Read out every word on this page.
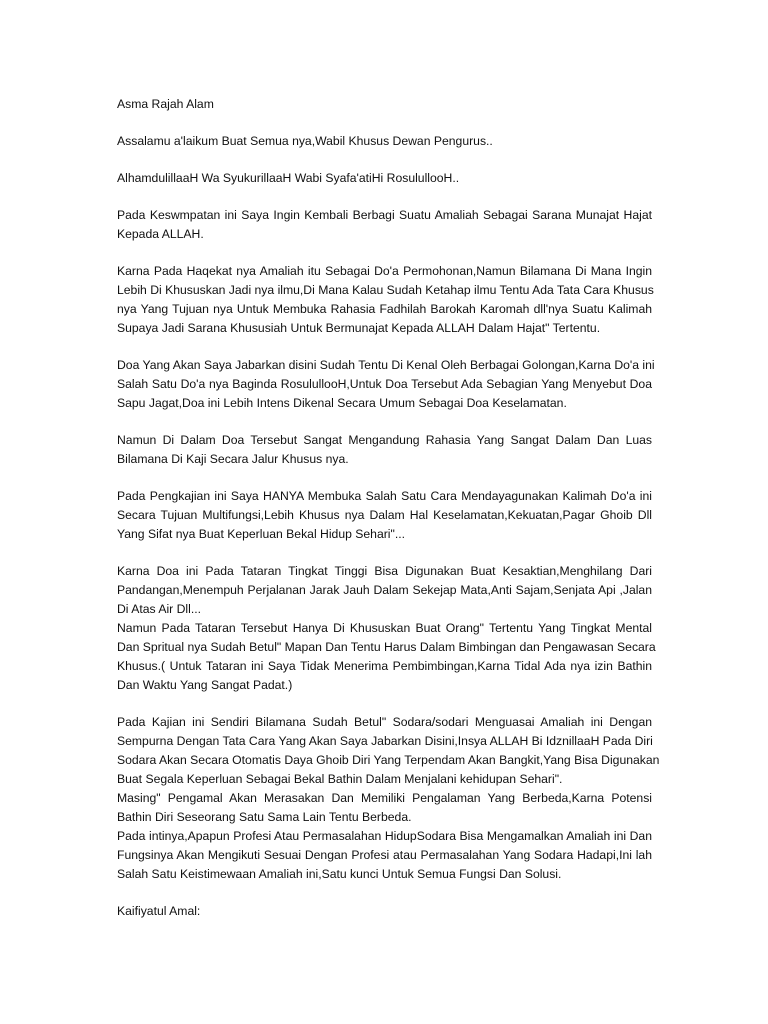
Asma Rajah Alam
Assalamu a'laikum Buat Semua nya,Wabil Khusus Dewan Pengurus..
AlhamdulillaaH Wa SyukurillaaH Wabi Syafa'atiHi RosulullooH..
Pada Keswmpatan ini Saya Ingin Kembali Berbagi Suatu Amaliah Sebagai Sarana Munajat Hajat
Kepada ALLAH.
Karna Pada Haqekat nya Amaliah itu Sebagai Do'a Permohonan,Namun Bilamana Di Mana Ingin
Lebih Di Khususkan Jadi nya ilmu,Di Mana Kalau Sudah Ketahap ilmu Tentu Ada Tata Cara Khusus
nya Yang Tujuan nya Untuk Membuka Rahasia Fadhilah Barokah Karomah dll'nya Suatu Kalimah
Supaya Jadi Sarana Khususiah Untuk Bermunajat Kepada ALLAH Dalam Hajat" Tertentu.
Doa Yang Akan Saya Jabarkan disini Sudah Tentu Di Kenal Oleh Berbagai Golongan,Karna Do'a ini
Salah Satu Do'a nya Baginda RosulullooH,Untuk Doa Tersebut Ada Sebagian Yang Menyebut Doa
Sapu Jagat,Doa ini Lebih Intens Dikenal Secara Umum Sebagai Doa Keselamatan.
Namun Di Dalam Doa Tersebut Sangat Mengandung Rahasia Yang Sangat Dalam Dan Luas
Bilamana Di Kaji Secara Jalur Khusus nya.
Pada Pengkajian ini Saya HANYA Membuka Salah Satu Cara Mendayagunakan Kalimah Do'a ini
Secara Tujuan Multifungsi,Lebih Khusus nya Dalam Hal Keselamatan,Kekuatan,Pagar Ghoib Dll
Yang Sifat nya Buat Keperluan Bekal Hidup Sehari"...
Karna Doa ini Pada Tataran Tingkat Tinggi Bisa Digunakan Buat Kesaktian,Menghilang Dari
Pandangan,Menempuh Perjalanan Jarak Jauh Dalam Sekejap Mata,Anti Sajam,Senjata Api ,Jalan
Di Atas Air Dll...
Namun Pada Tataran Tersebut Hanya Di Khususkan Buat Orang" Tertentu Yang Tingkat Mental
Dan Spritual nya Sudah Betul" Mapan Dan Tentu Harus Dalam Bimbingan dan Pengawasan Secara
Khusus.( Untuk Tataran ini Saya Tidak Menerima Pembimbingan,Karna Tidal Ada nya izin Bathin
Dan Waktu Yang Sangat Padat.)
Pada Kajian ini Sendiri Bilamana Sudah Betul" Sodara/sodari Menguasai Amaliah ini Dengan
Sempurna Dengan Tata Cara Yang Akan Saya Jabarkan Disini,Insya ALLAH Bi IdznillaaH Pada Diri
Sodara Akan Secara Otomatis Daya Ghoib Diri Yang Terpendam Akan Bangkit,Yang Bisa Digunakan
Buat Segala Keperluan Sebagai Bekal Bathin Dalam Menjalani kehidupan Sehari".
Masing" Pengamal Akan Merasakan Dan Memiliki Pengalaman Yang Berbeda,Karna Potensi
Bathin Diri Seseorang Satu Sama Lain Tentu Berbeda.
Pada intinya,Apapun Profesi Atau Permasalahan HidupSodara Bisa Mengamalkan Amaliah ini Dan
Fungsinya Akan Mengikuti Sesuai Dengan Profesi atau Permasalahan Yang Sodara Hadapi,Ini lah
Salah Satu Keistimewaan Amaliah ini,Satu kunci Untuk Semua Fungsi Dan Solusi.
Kaifiyatul Amal:
